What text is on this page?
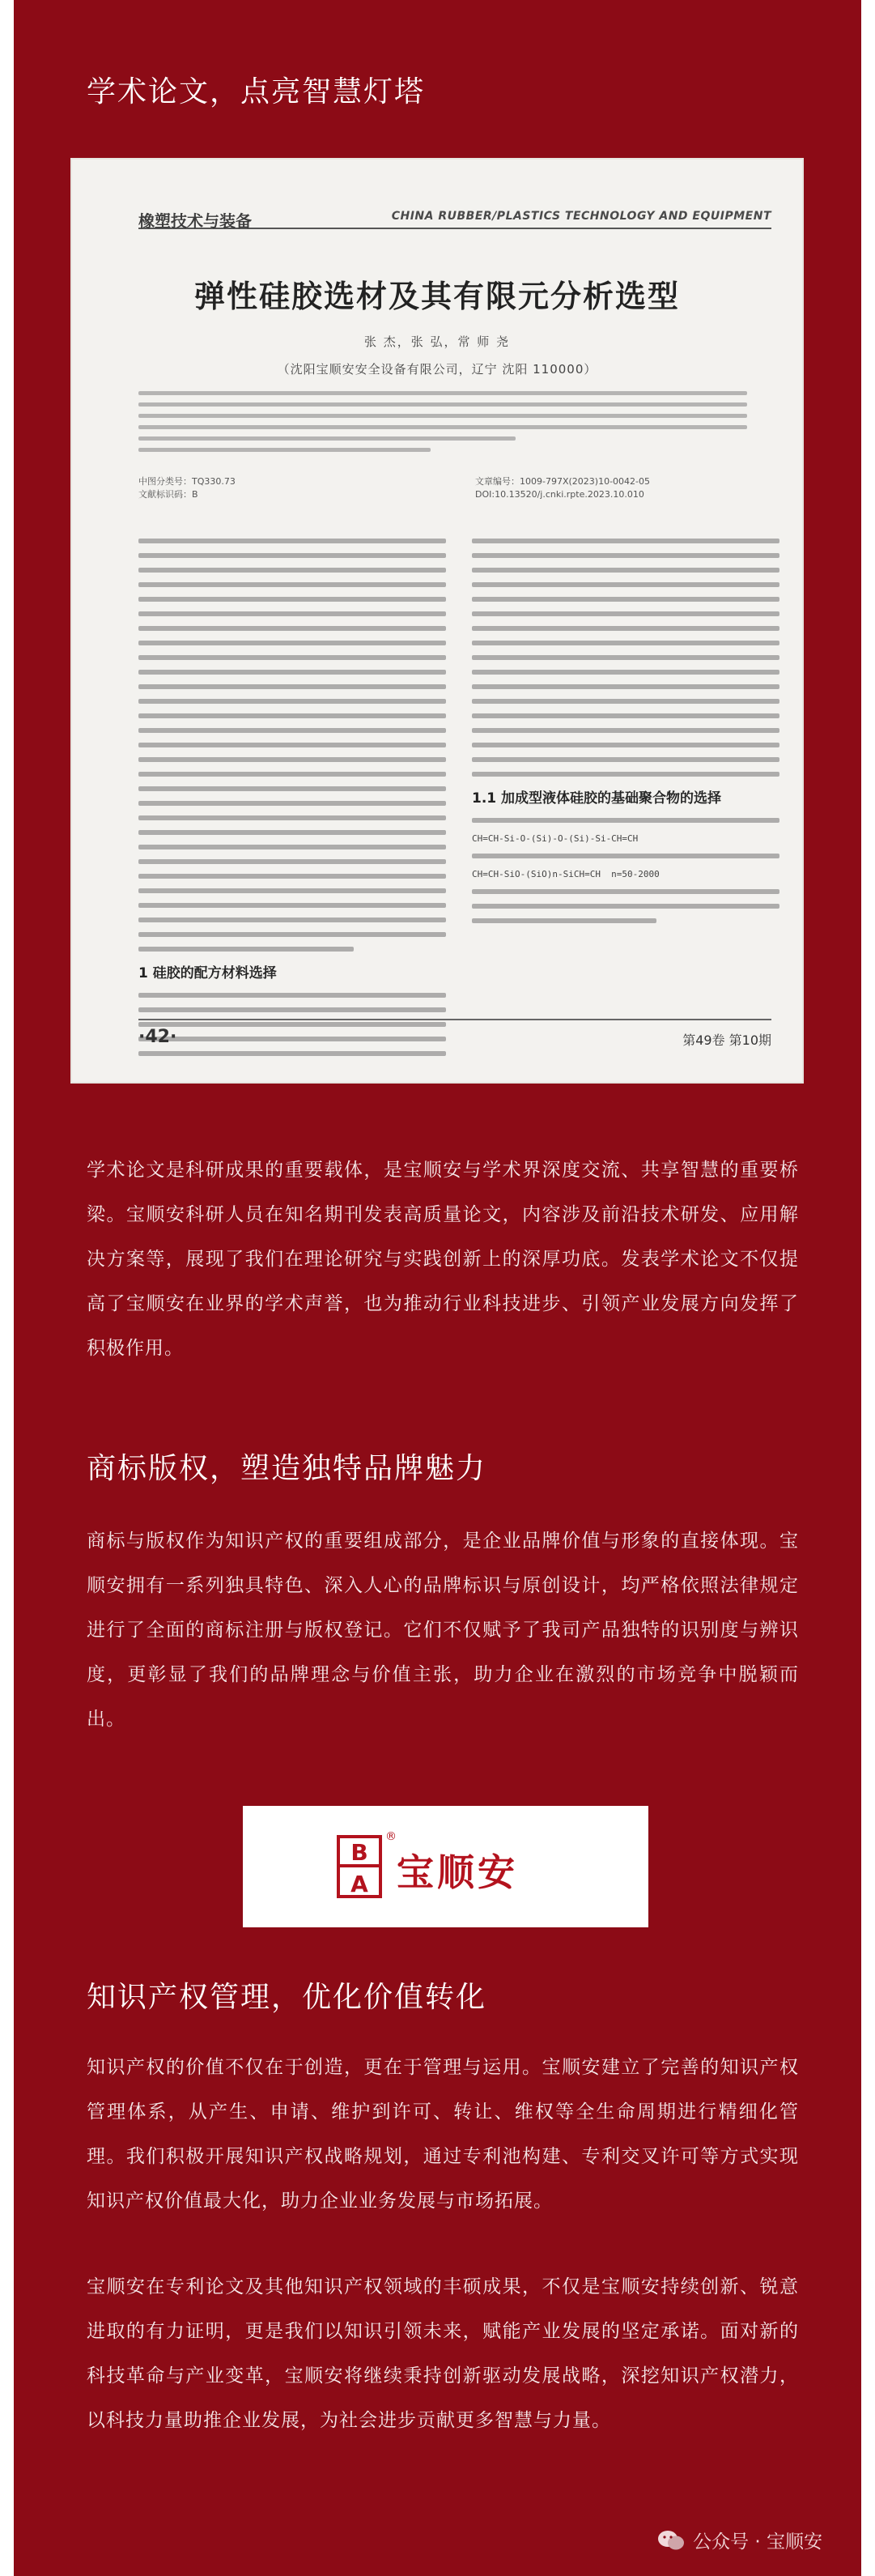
学术论文，点亮智慧灯塔
橡塑技术与装备	CHINA RUBBER/PLASTICS TECHNOLOGY AND EQUIPMENT
弹性硅胶选材及其有限元分析选型
张 杰，张 弘，常 师 尧
（沈阳宝顺安安全设备有限公司，辽宁 沈阳 110000）
中图分类号：TQ330.73
文献标识码：B
文章编号：1009-797X(2023)10-0042-05
DOI:10.13520/j.cnki.rpte.2023.10.010
1 硅胶的配方材料选择
1.1 加成型液体硅胶的基础聚合物的选择
CH=CH-Si-O-(Si)-O-(Si)-Si-CH=CH
CH=CH-SiO-(SiO)n-SiCH=CH  n=50-2000
·42·	第49卷 第10期
学术论文是科研成果的重要载体，是宝顺安与学术界深度交流、共享智慧的重要桥梁。宝顺安科研人员在知名期刊发表高质量论文，内容涉及前沿技术研发、应用解决方案等，展现了我们在理论研究与实践创新上的深厚功底。发表学术论文不仅提高了宝顺安在业界的学术声誉，也为推动行业科技进步、引领产业发展方向发挥了积极作用。
商标版权，塑造独特品牌魅力
商标与版权作为知识产权的重要组成部分，是企业品牌价值与形象的直接体现。宝顺安拥有一系列独具特色、深入人心的品牌标识与原创设计，均严格依照法律规定进行了全面的商标注册与版权登记。它们不仅赋予了我司产品独特的识别度与辨识度，更彰显了我们的品牌理念与价值主张，助力企业在激烈的市场竞争中脱颖而出。
B
A
®
宝顺安
知识产权管理，优化价值转化
知识产权的价值不仅在于创造，更在于管理与运用。宝顺安建立了完善的知识产权管理体系，从产生、申请、维护到许可、转让、维权等全生命周期进行精细化管理。我们积极开展知识产权战略规划，通过专利池构建、专利交叉许可等方式实现知识产权价值最大化，助力企业业务发展与市场拓展。
宝顺安在专利论文及其他知识产权领域的丰硕成果，不仅是宝顺安持续创新、锐意进取的有力证明，更是我们以知识引领未来，赋能产业发展的坚定承诺。面对新的科技革命与产业变革，宝顺安将继续秉持创新驱动发展战略，深挖知识产权潜力，以科技力量助推企业发展，为社会进步贡献更多智慧与力量。
公众号 · 宝顺安
